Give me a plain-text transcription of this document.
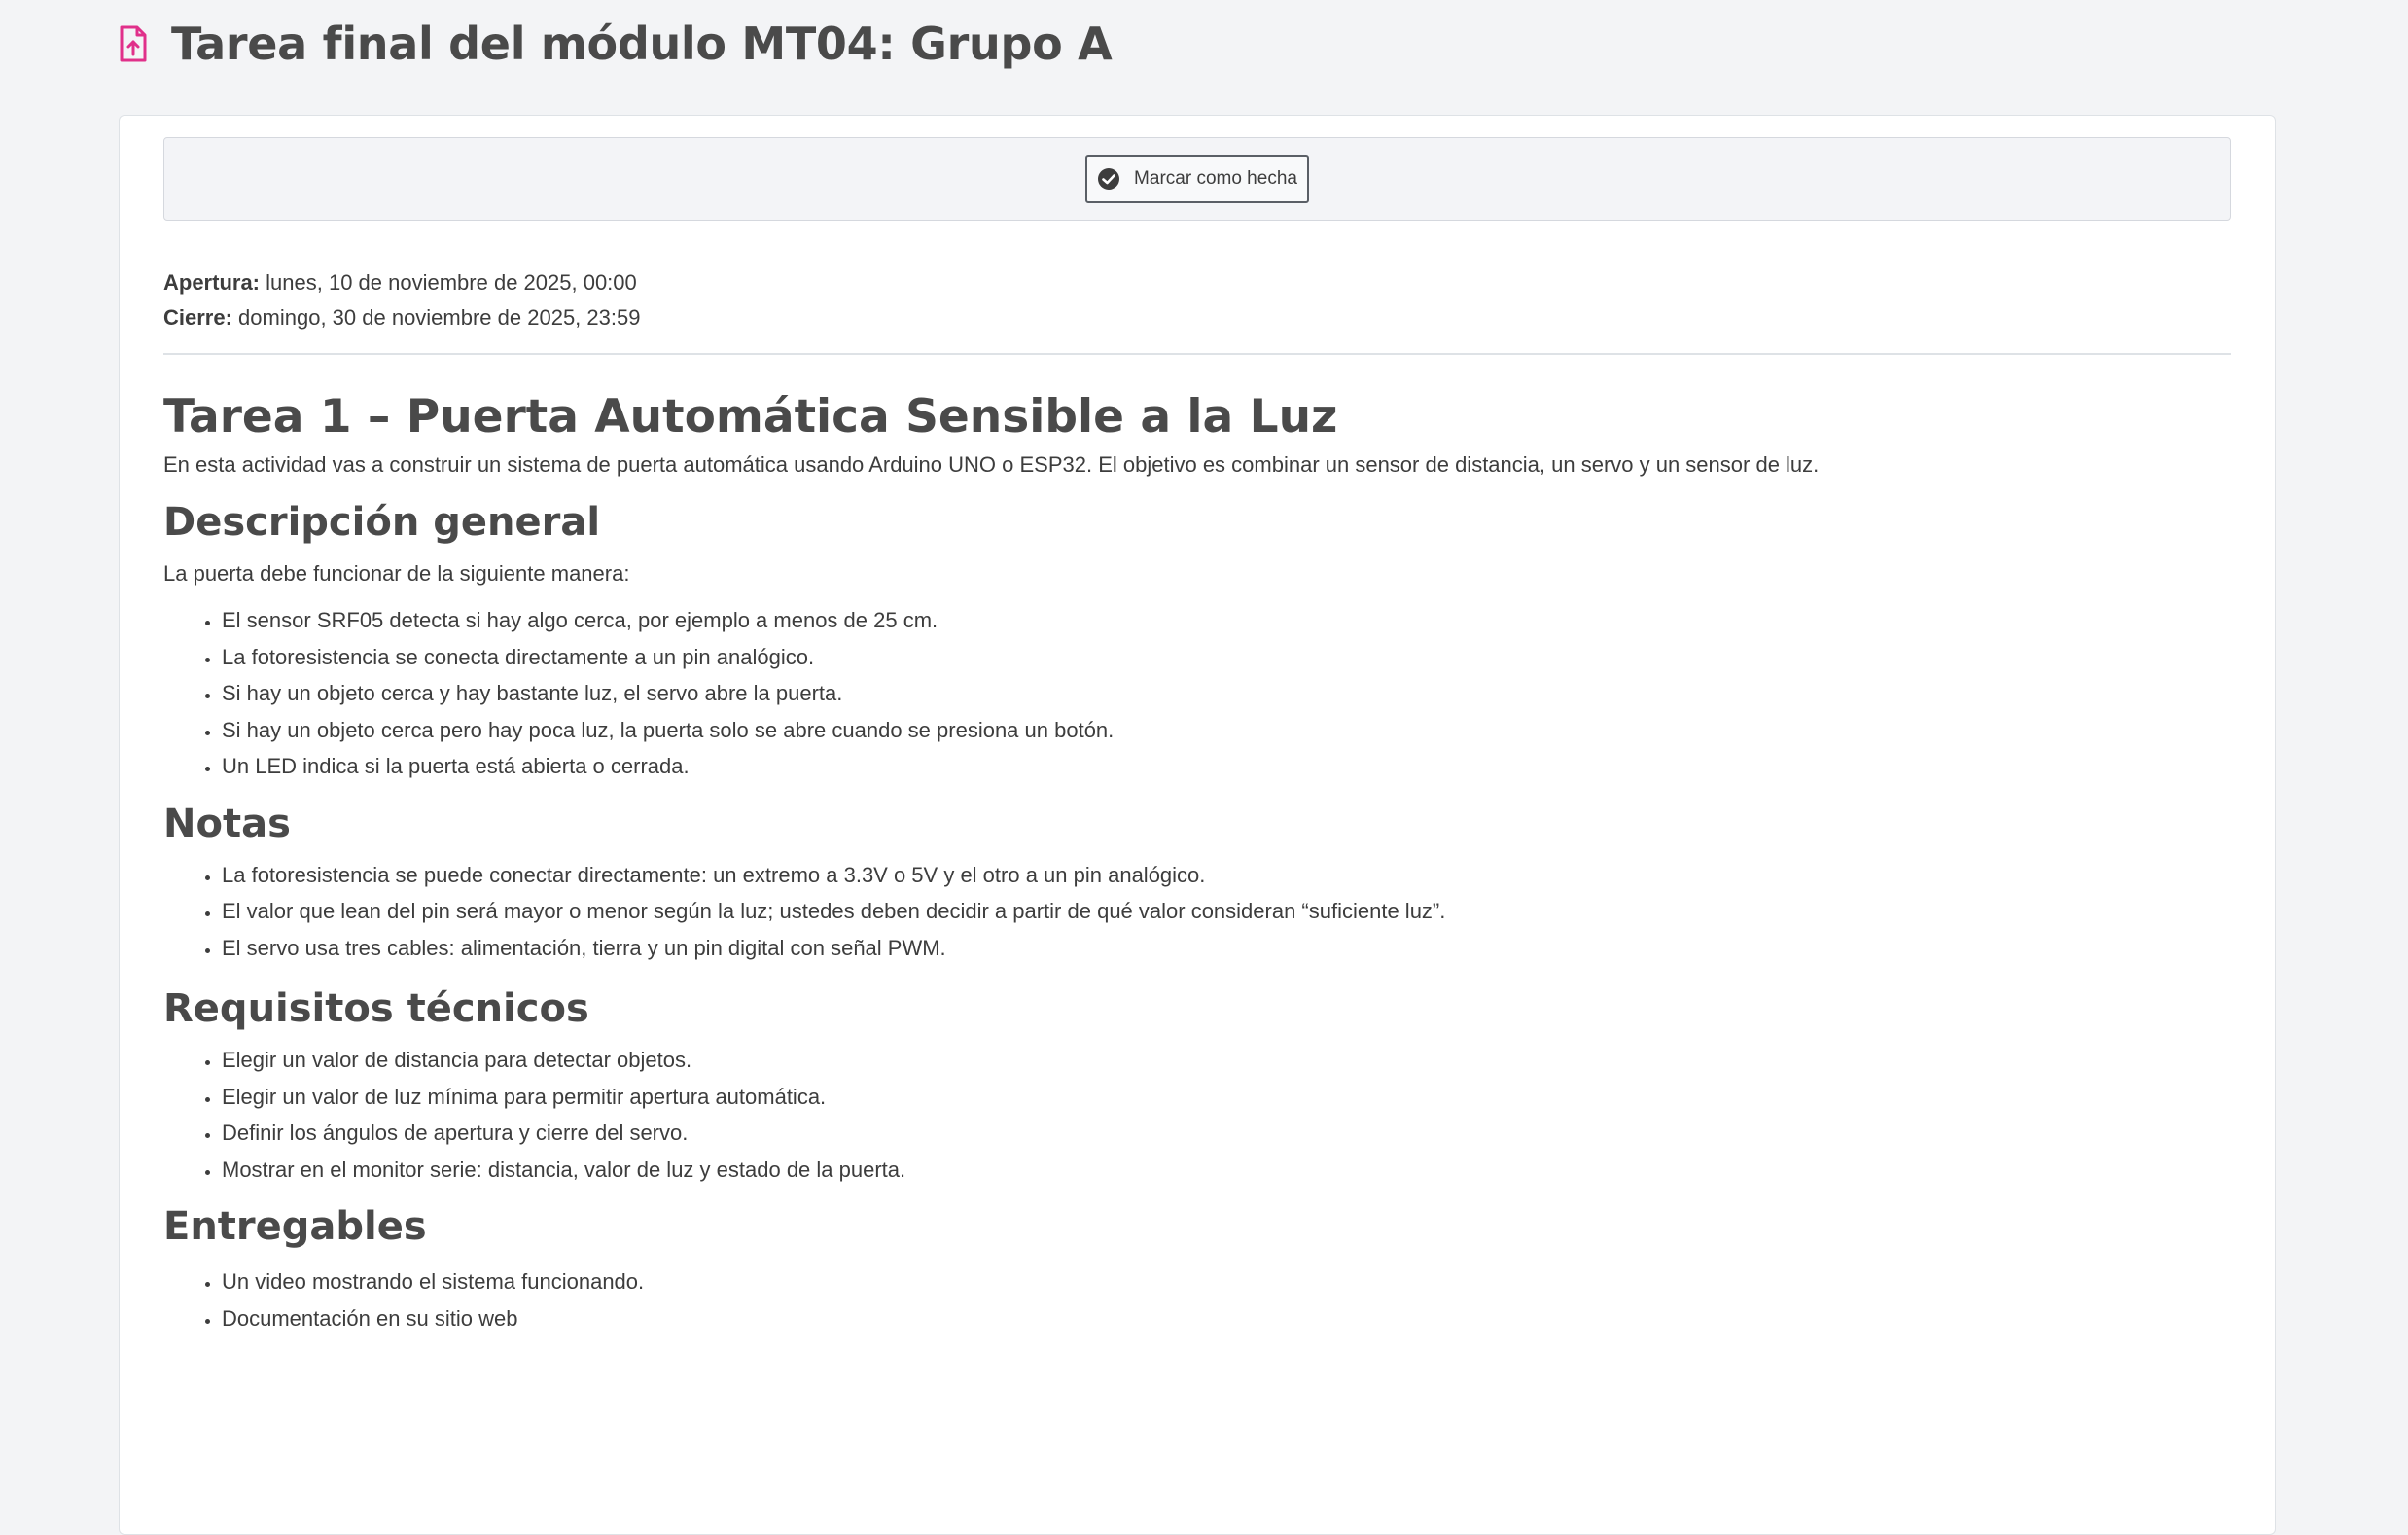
Tarea final del módulo MT04: Grupo A
Marcar como hecha
Apertura: lunes, 10 de noviembre de 2025, 00:00
Cierre: domingo, 30 de noviembre de 2025, 23:59
Tarea 1 – Puerta Automática Sensible a la Luz

En esta actividad vas a construir un sistema de puerta automática usando Arduino UNO o ESP32. El objetivo es combinar un sensor de distancia, un servo y un sensor de luz.

Descripción general

La puerta debe funcionar de la siguiente manera:

• El sensor SRF05 detecta si hay algo cerca, por ejemplo a menos de 25 cm.
• La fotoresistencia se conecta directamente a un pin analógico.
• Si hay un objeto cerca y hay bastante luz, el servo abre la puerta.
• Si hay un objeto cerca pero hay poca luz, la puerta solo se abre cuando se presiona un botón.
• Un LED indica si la puerta está abierta o cerrada.
Notas
• La fotoresistencia se puede conectar directamente: un extremo a 3.3V o 5V y el otro a un pin analógico.
• El valor que lean del pin será mayor o menor según la luz; ustedes deben decidir a partir de qué valor consideran “suficiente luz”.
• El servo usa tres cables: alimentación, tierra y un pin digital con señal PWM.
Requisitos técnicos
• Elegir un valor de distancia para detectar objetos.
• Elegir un valor de luz mínima para permitir apertura automática.
• Definir los ángulos de apertura y cierre del servo.
• Mostrar en el monitor serie: distancia, valor de luz y estado de la puerta.
Entregables
• Un video mostrando el sistema funcionando.
• Documentación en su sitio web
